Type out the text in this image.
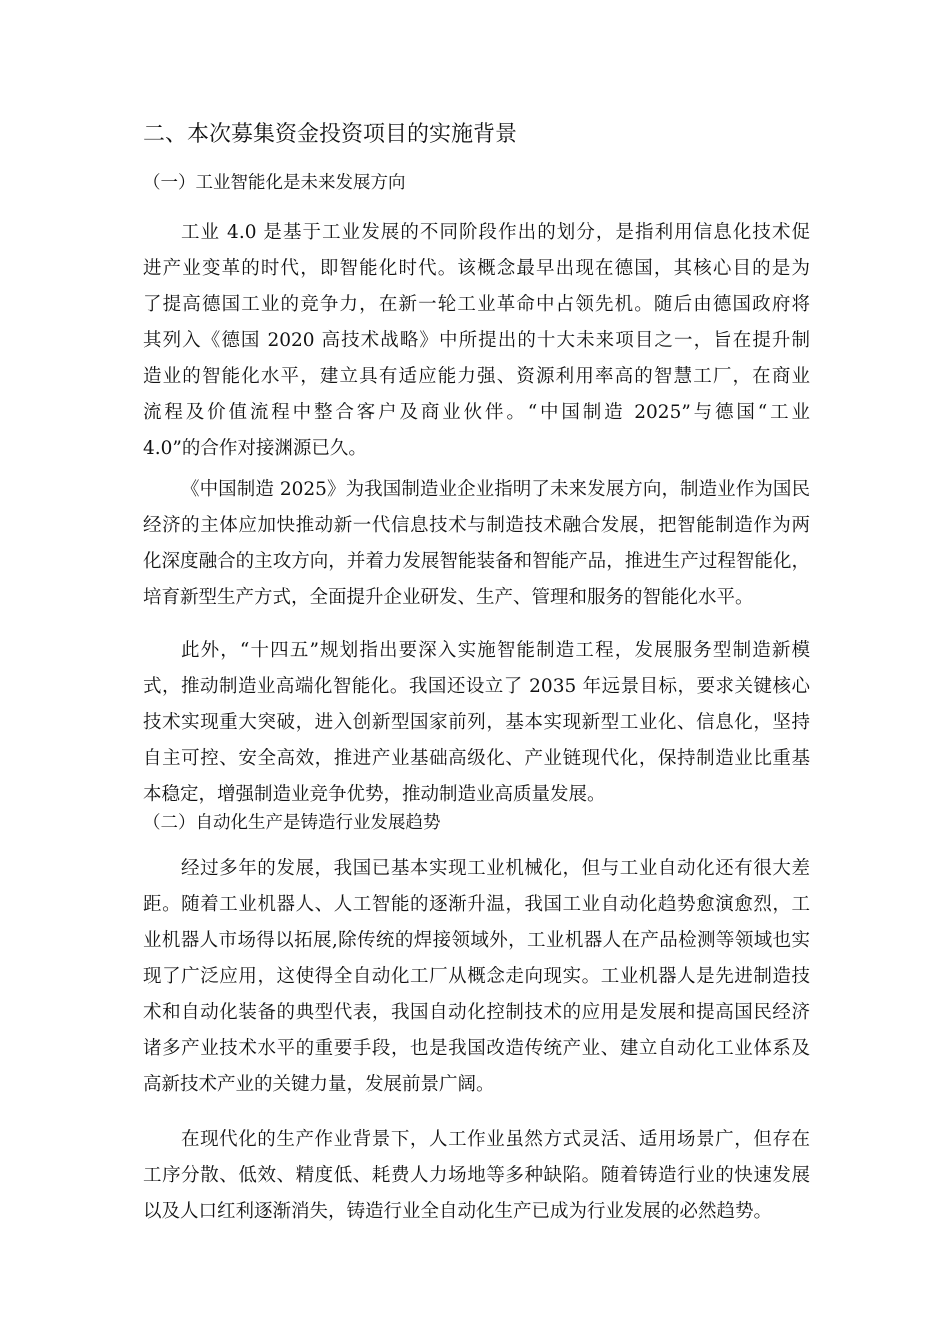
二、本次募集资金投资项目的实施背景
（一）工业智能化是未来发展方向
工业 4.0 是基于工业发展的不同阶段作出的划分，是指利用信息化技术促
进产业变革的时代，即智能化时代。该概念最早出现在德国，其核心目的是为
了提高德国工业的竞争力，在新一轮工业革命中占领先机。随后由德国政府将
其列入《德国 2020 高技术战略》中所提出的十大未来项目之一，旨在提升制
造业的智能化水平，建立具有适应能力强、资源利用率高的智慧工厂，在商业
流程及价值流程中整合客户及商业伙伴。“中国制造 2025”与德国“工业
4.0”的合作对接渊源已久。
《中国制造 2025》为我国制造业企业指明了未来发展方向，制造业作为国民
经济的主体应加快推动新一代信息技术与制造技术融合发展，把智能制造作为两
化深度融合的主攻方向，并着力发展智能装备和智能产品，推进生产过程智能化，
培育新型生产方式，全面提升企业研发、生产、管理和服务的智能化水平。
此外，“十四五”规划指出要深入实施智能制造工程，发展服务型制造新模
式，推动制造业高端化智能化。我国还设立了 2035 年远景目标，要求关键核心
技术实现重大突破，进入创新型国家前列，基本实现新型工业化、信息化，坚持
自主可控、安全高效，推进产业基础高级化、产业链现代化，保持制造业比重基
本稳定，增强制造业竞争优势，推动制造业高质量发展。
（二）自动化生产是铸造行业发展趋势
经过多年的发展，我国已基本实现工业机械化，但与工业自动化还有很大差
距。随着工业机器人、人工智能的逐渐升温，我国工业自动化趋势愈演愈烈，工
业机器人市场得以拓展,除传统的焊接领域外，工业机器人在产品检测等领域也实
现了广泛应用，这使得全自动化工厂从概念走向现实。工业机器人是先进制造技
术和自动化装备的典型代表，我国自动化控制技术的应用是发展和提高国民经济
诸多产业技术水平的重要手段，也是我国改造传统产业、建立自动化工业体系及
高新技术产业的关键力量，发展前景广阔。
在现代化的生产作业背景下，人工作业虽然方式灵活、适用场景广，但存在
工序分散、低效、精度低、耗费人力场地等多种缺陷。随着铸造行业的快速发展
以及人口红利逐渐消失，铸造行业全自动化生产已成为行业发展的必然趋势。
